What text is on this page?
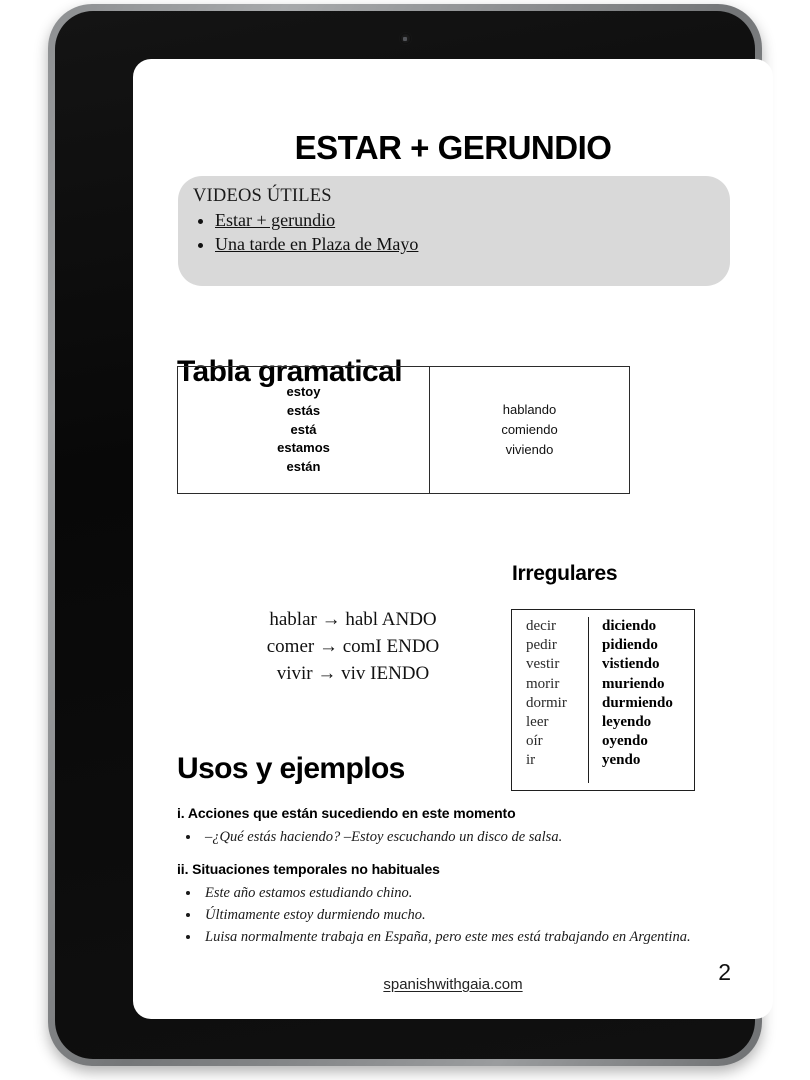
ESTAR + GERUNDIO
VIDEOS ÚTILES
• Estar + gerundio
• Una tarde en Plaza de Mayo
Tabla gramatical
estoy
estás
está
estamos
están
hablando
comiendo
viviendo
Irregulares
hablar → habl ANDO
comer → comI ENDO
vivir → viv IENDO
decir
pedir
vestir
morir
dormir
leer
oír
ir
diciendo
pidiendo
vistiendo
muriendo
durmiendo
leyendo
oyendo
yendo
Usos y ejemplos
i. Acciones que están sucediendo en este momento
• –¿Qué estás haciendo? –Estoy escuchando un disco de salsa.
ii. Situaciones temporales no habituales
• Este año estamos estudiando chino.
• Últimamente estoy durmiendo mucho.
• Luisa normalmente trabaja en España, pero este mes está trabajando en Argentina.
spanishwithgaia.com	2
